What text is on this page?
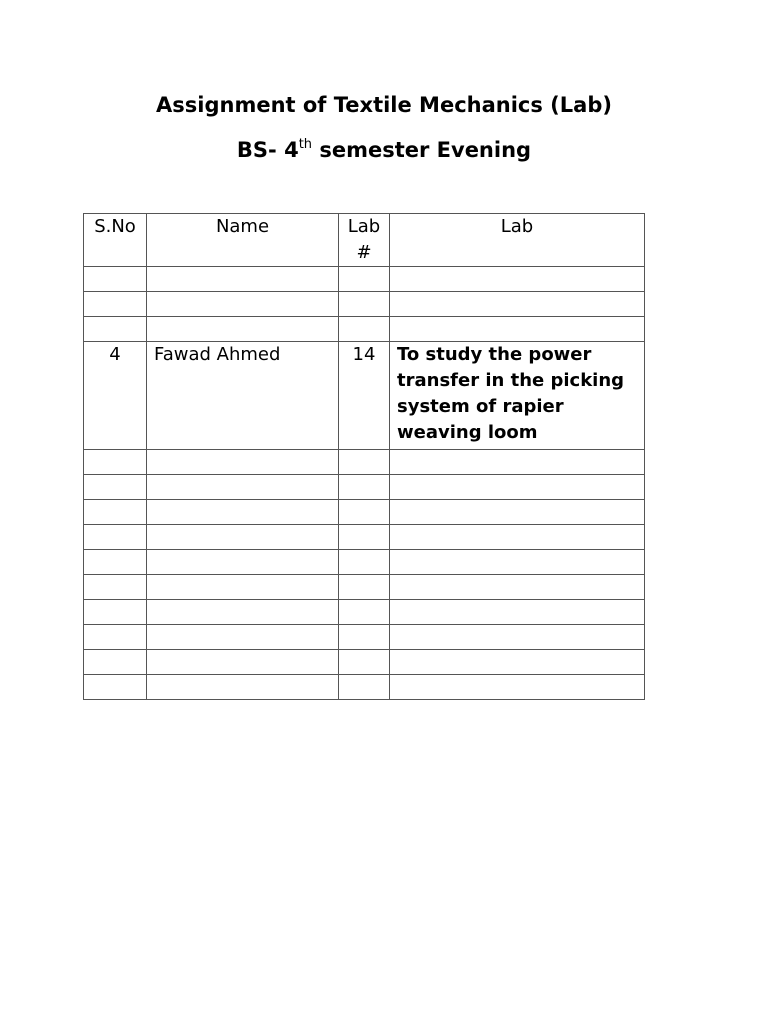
Assignment of Textile Mechanics (Lab)
BS- 4th semester Evening
S.No	Name	Lab #	Lab

4	Fawad Ahmed	14	To study the power transfer in the picking system of rapier weaving loom
